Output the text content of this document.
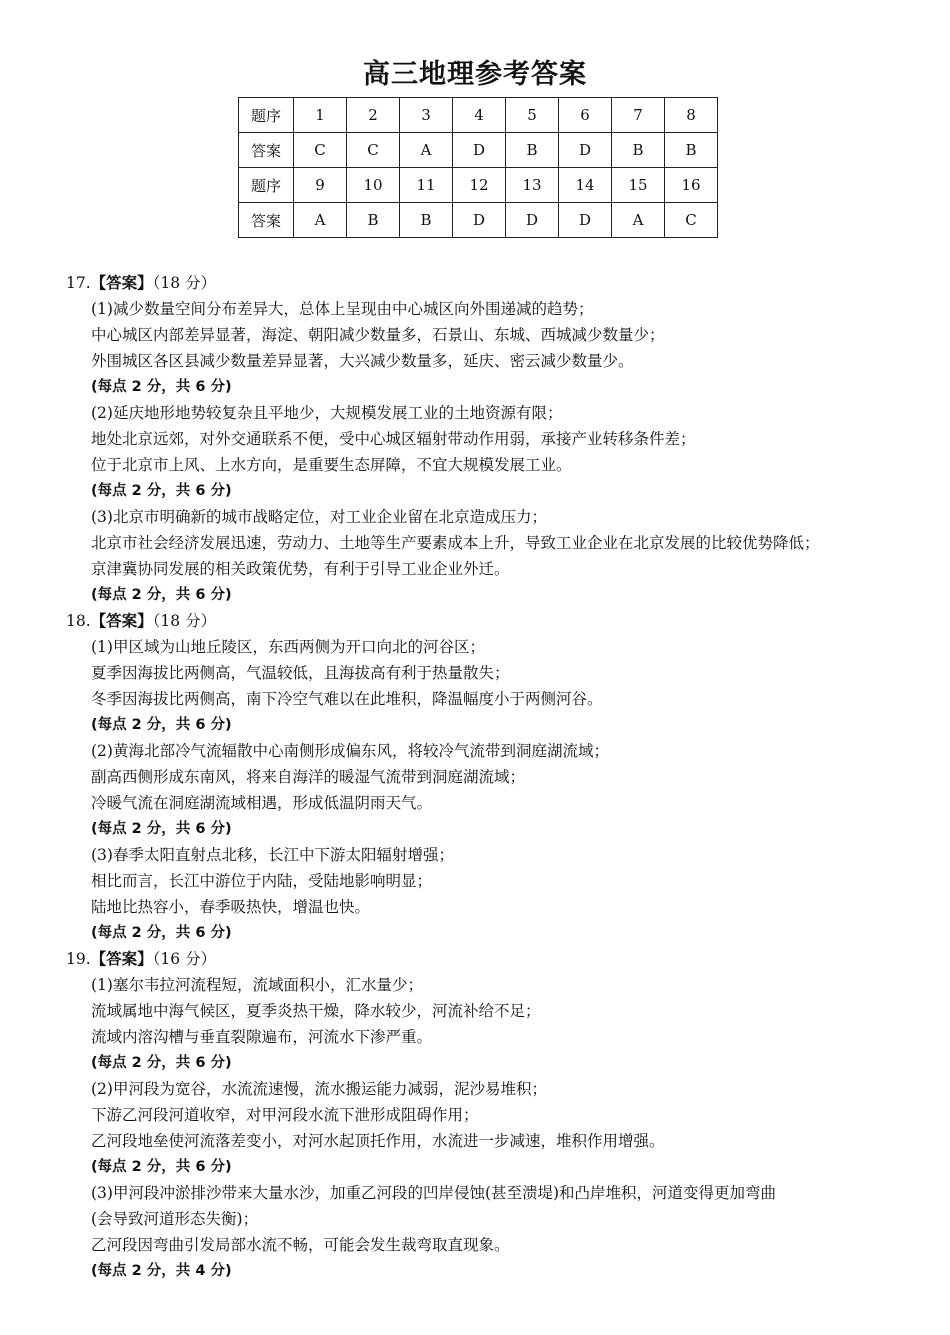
高三地理参考答案
题序	1	2	3	4	5	6	7	8
答案	C	C	A	D	B	D	B	B
题序	9	10	11	12	13	14	15	16
答案	A	B	B	D	D	D	A	C
17.【答案】（18 分）
(1)减少数量空间分布差异大，总体上呈现由中心城区向外围递减的趋势；
中心城区内部差异显著，海淀、朝阳减少数量多，石景山、东城、西城减少数量少；
外围城区各区县减少数量差异显著，大兴减少数量多，延庆、密云减少数量少。
(每点 2 分，共 6 分)
(2)延庆地形地势较复杂且平地少，大规模发展工业的土地资源有限；
地处北京远郊，对外交通联系不便，受中心城区辐射带动作用弱，承接产业转移条件差；
位于北京市上风、上水方向，是重要生态屏障，不宜大规模发展工业。
(每点 2 分，共 6 分)
(3)北京市明确新的城市战略定位，对工业企业留在北京造成压力；
北京市社会经济发展迅速，劳动力、土地等生产要素成本上升，导致工业企业在北京发展的比较优势降低；
京津冀协同发展的相关政策优势，有利于引导工业企业外迁。
(每点 2 分，共 6 分)
18.【答案】（18 分）
(1)甲区域为山地丘陵区，东西两侧为开口向北的河谷区；
夏季因海拔比两侧高，气温较低，且海拔高有利于热量散失；
冬季因海拔比两侧高，南下冷空气难以在此堆积，降温幅度小于两侧河谷。
(每点 2 分，共 6 分)
(2)黄海北部冷气流辐散中心南侧形成偏东风，将较冷气流带到洞庭湖流域；
副高西侧形成东南风，将来自海洋的暖湿气流带到洞庭湖流域；
冷暖气流在洞庭湖流域相遇，形成低温阴雨天气。
(每点 2 分，共 6 分)
(3)春季太阳直射点北移，长江中下游太阳辐射增强；
相比而言，长江中游位于内陆，受陆地影响明显；
陆地比热容小，春季吸热快，增温也快。
(每点 2 分，共 6 分)
19.【答案】（16 分）
(1)塞尔韦拉河流程短，流域面积小，汇水量少；
流域属地中海气候区，夏季炎热干燥，降水较少，河流补给不足；
流域内溶沟槽与垂直裂隙遍布，河流水下渗严重。
(每点 2 分，共 6 分)
(2)甲河段为宽谷，水流流速慢，流水搬运能力减弱，泥沙易堆积；
下游乙河段河道收窄，对甲河段水流下泄形成阻碍作用；
乙河段地垒使河流落差变小，对河水起顶托作用，水流进一步减速，堆积作用增强。
(每点 2 分，共 6 分)
(3)甲河段冲淤排沙带来大量水沙，加重乙河段的凹岸侵蚀(甚至溃堤)和凸岸堆积，河道变得更加弯曲
(会导致河道形态失衡)；
乙河段因弯曲引发局部水流不畅，可能会发生裁弯取直现象。
(每点 2 分，共 4 分)
